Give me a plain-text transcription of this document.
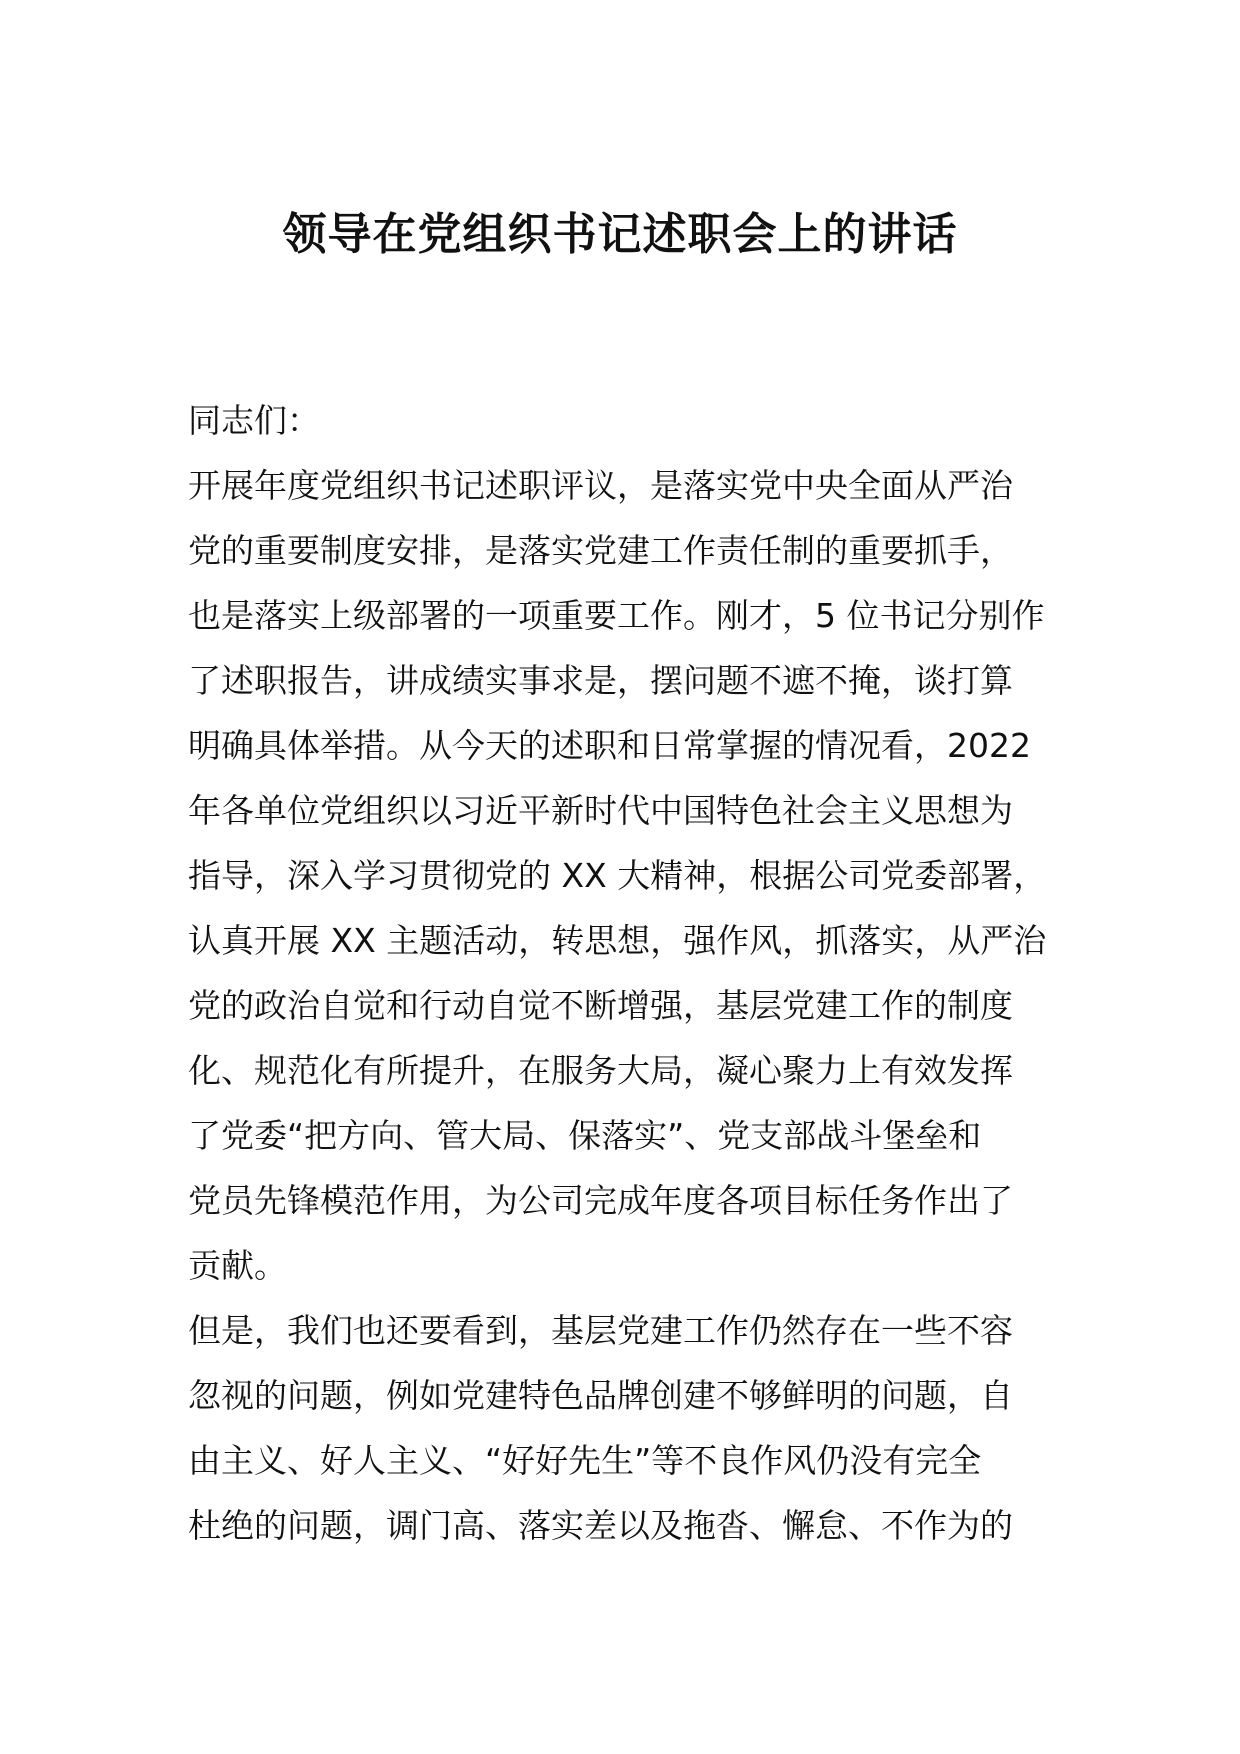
领导在党组织书记述职会上的讲话
同志们：
开展年度党组织书记述职评议，是落实党中央全面从严治
党的重要制度安排，是落实党建工作责任制的重要抓手，
也是落实上级部署的一项重要工作。刚才，5 位书记分别作
了述职报告，讲成绩实事求是，摆问题不遮不掩，谈打算
明确具体举措。从今天的述职和日常掌握的情况看，2022
年各单位党组织以习近平新时代中国特色社会主义思想为
指导，深入学习贯彻党的 XX 大精神，根据公司党委部署，
认真开展 XX 主题活动，转思想，强作风，抓落实，从严治
党的政治自觉和行动自觉不断增强，基层党建工作的制度
化、规范化有所提升，在服务大局，凝心聚力上有效发挥
了党委“把方向、管大局、保落实”、党支部战斗堡垒和
党员先锋模范作用，为公司完成年度各项目标任务作出了
贡献。
但是，我们也还要看到，基层党建工作仍然存在一些不容
忽视的问题，例如党建特色品牌创建不够鲜明的问题，自
由主义、好人主义、“好好先生”等不良作风仍没有完全
杜绝的问题，调门高、落实差以及拖沓、懈怠、不作为的
